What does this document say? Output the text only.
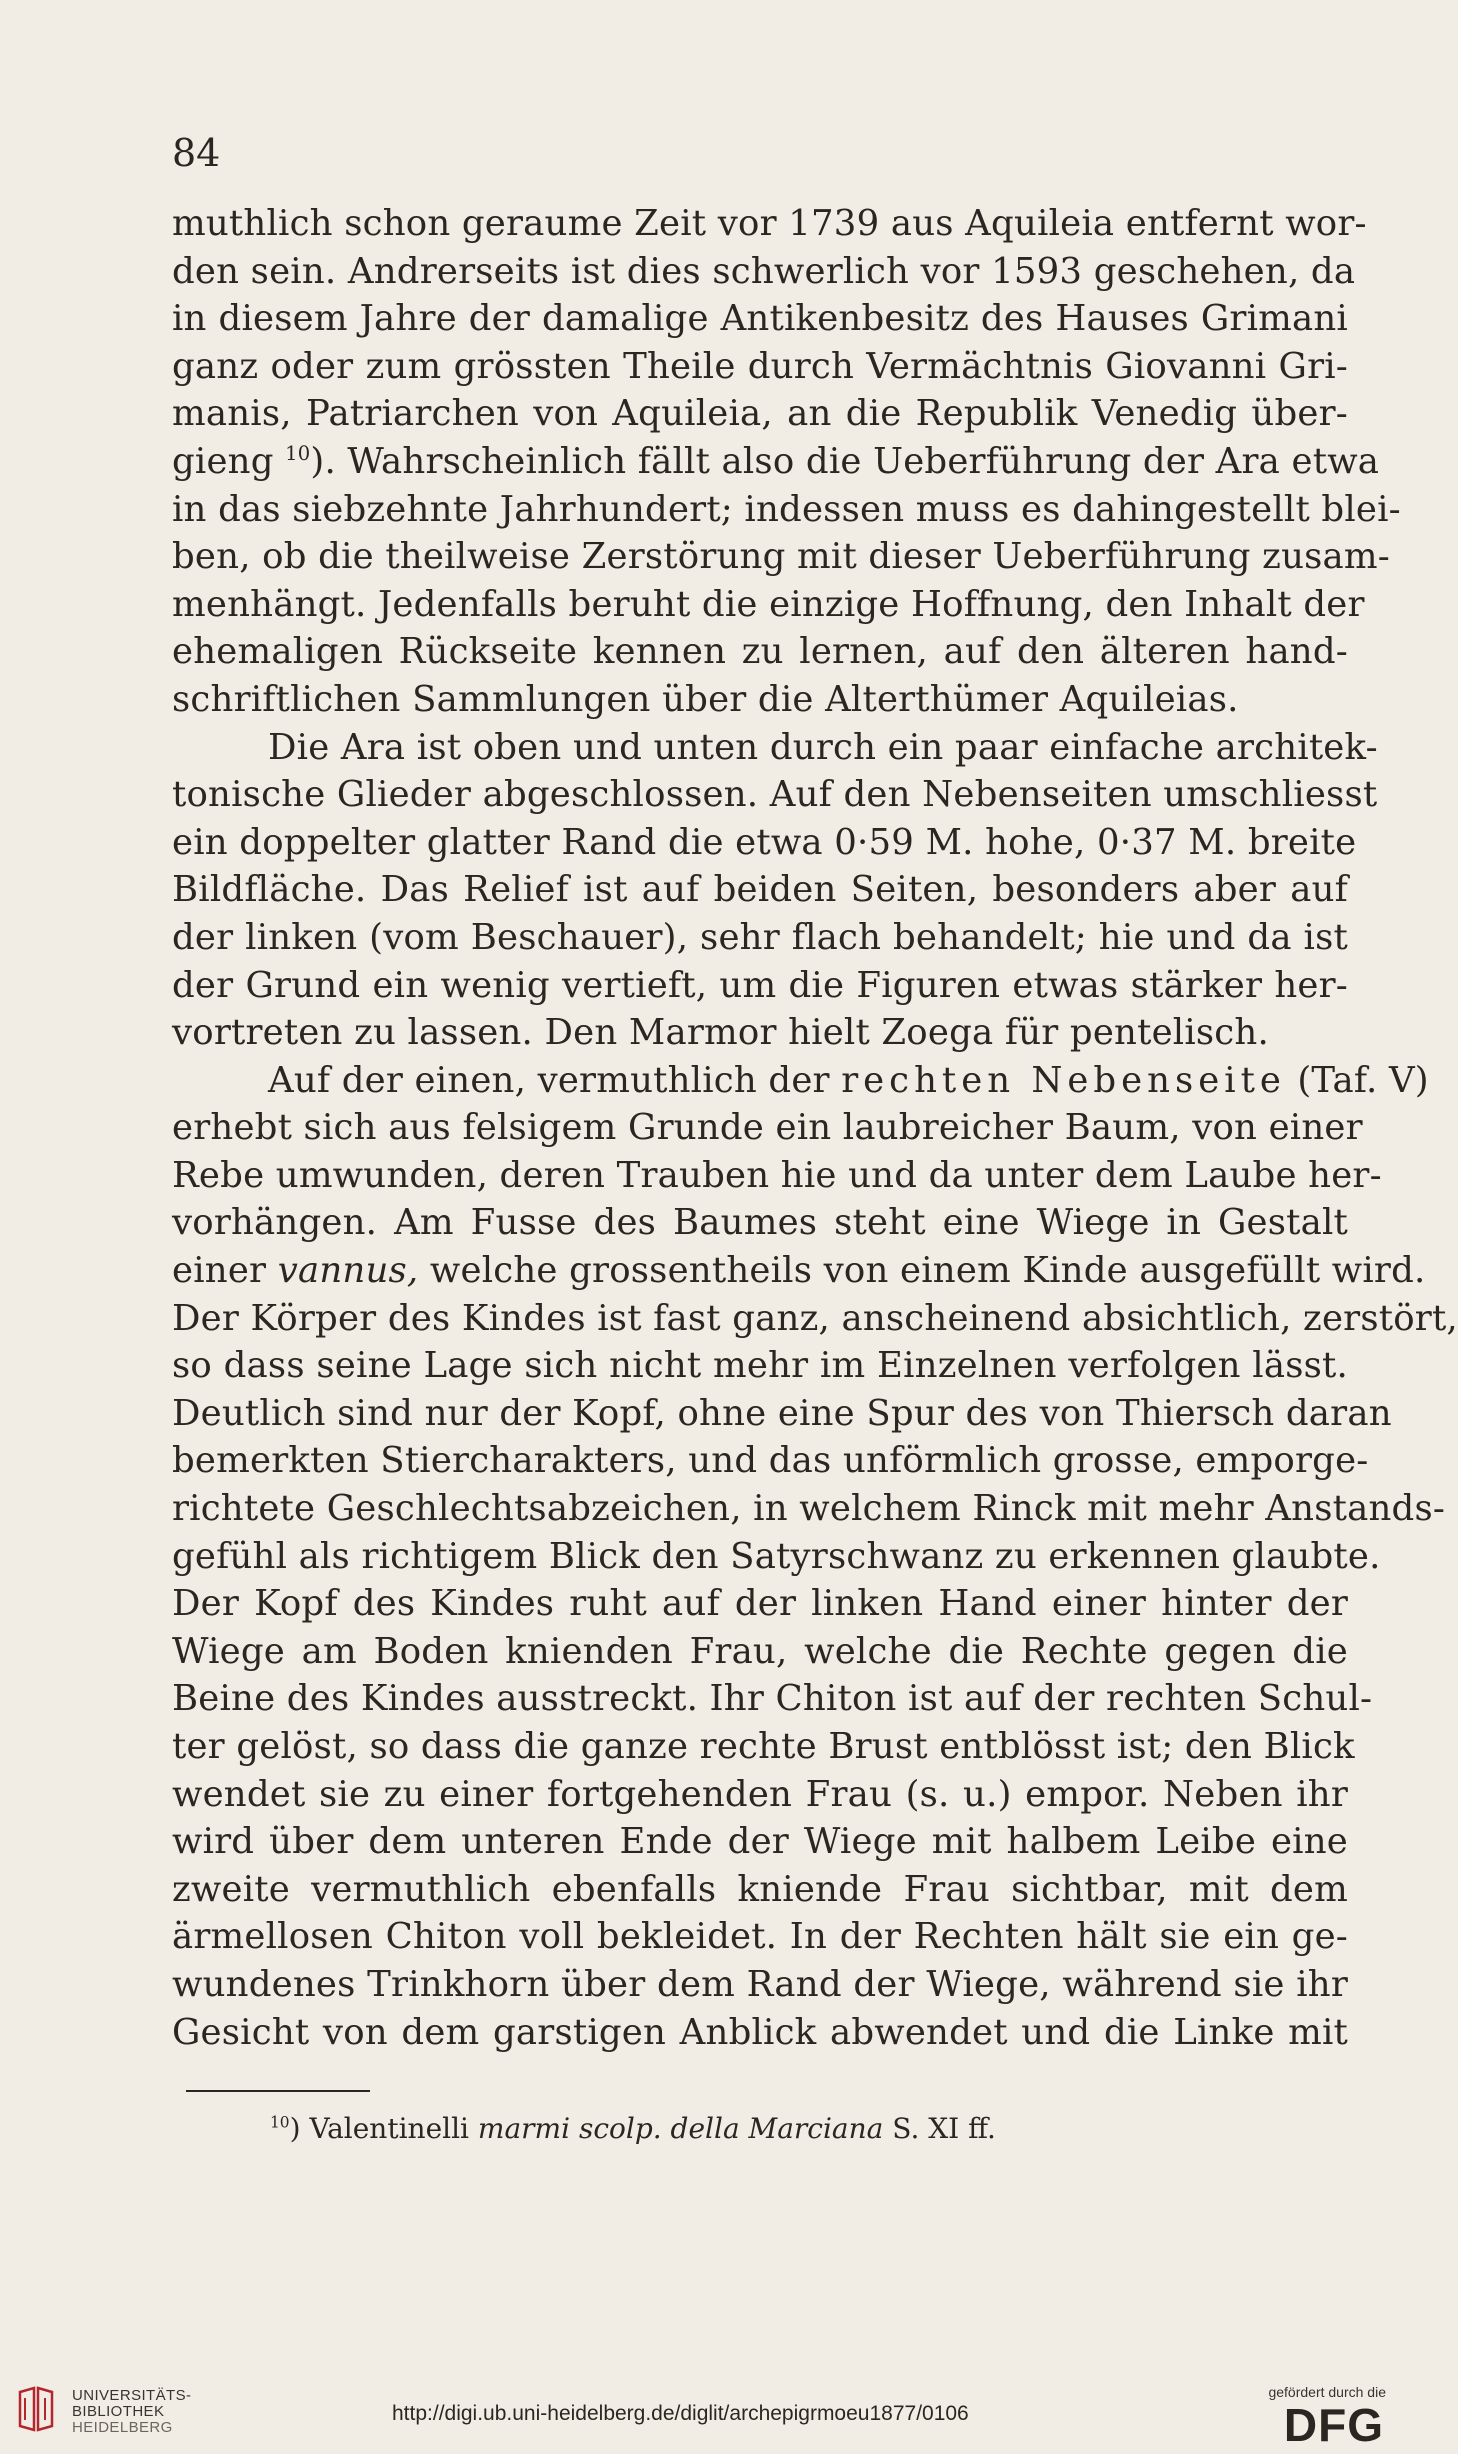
84
muthlich schon geraume Zeit vor 1739 aus Aquileia entfernt wor-
den sein. Andrerseits ist dies schwerlich vor 1593 geschehen, da
in diesem Jahre der damalige Antikenbesitz des Hauses Grimani
ganz oder zum grössten Theile durch Vermächtnis Giovanni Gri-
manis, Patriarchen von Aquileia, an die Republik Venedig über-
gieng $^{10}$). Wahrscheinlich fällt also die Ueberführung der Ara etwa
in das siebzehnte Jahrhundert; indessen muss es dahingestellt blei-
ben, ob die theilweise Zerstörung mit dieser Ueberführung zusam-
menhängt. Jedenfalls beruht die einzige Hoffnung, den Inhalt der
ehemaligen Rückseite kennen zu lernen, auf den älteren hand-
schriftlichen Sammlungen über die Alterthümer Aquileias.
Die Ara ist oben und unten durch ein paar einfache architek-
tonische Glieder abgeschlossen. Auf den Nebenseiten umschliesst
ein doppelter glatter Rand die etwa 0·59 M. hohe, 0·37 M. breite
Bildfläche. Das Relief ist auf beiden Seiten, besonders aber auf
der linken (vom Beschauer), sehr flach behandelt; hie und da ist
der Grund ein wenig vertieft, um die Figuren etwas stärker her-
vortreten zu lassen. Den Marmor hielt Zoega für pentelisch.
Auf der einen, vermuthlich der rechten Nebenseite (Taf. V)
erhebt sich aus felsigem Grunde ein laubreicher Baum, von einer
Rebe umwunden, deren Trauben hie und da unter dem Laube her-
vorhängen. Am Fusse des Baumes steht eine Wiege in Gestalt
einer vannus, welche grossentheils von einem Kinde ausgefüllt wird.
Der Körper des Kindes ist fast ganz, anscheinend absichtlich, zerstört,
so dass seine Lage sich nicht mehr im Einzelnen verfolgen lässt.
Deutlich sind nur der Kopf, ohne eine Spur des von Thiersch daran
bemerkten Stiercharakters, und das unförmlich grosse, emporge-
richtete Geschlechtsabzeichen, in welchem Rinck mit mehr Anstands-
gefühl als richtigem Blick den Satyrschwanz zu erkennen glaubte.
Der Kopf des Kindes ruht auf der linken Hand einer hinter der
Wiege am Boden knienden Frau, welche die Rechte gegen die
Beine des Kindes ausstreckt. Ihr Chiton ist auf der rechten Schul-
ter gelöst, so dass die ganze rechte Brust entblösst ist; den Blick
wendet sie zu einer fortgehenden Frau (s. u.) empor. Neben ihr
wird über dem unteren Ende der Wiege mit halbem Leibe eine
zweite vermuthlich ebenfalls kniende Frau sichtbar, mit dem
ärmellosen Chiton voll bekleidet. In der Rechten hält sie ein ge-
wundenes Trinkhorn über dem Rand der Wiege, während sie ihr
Gesicht von dem garstigen Anblick abwendet und die Linke mit
$^{10}$) Valentinelli marmi scolp. della Marciana S. XI ff.
UNIVERSITÄTS-
BIBLIOTHEK
HEIDELBERG
http://digi.ub.uni-heidelberg.de/diglit/archepigrmoeu1877/0106
gefördert durch die
DFG
